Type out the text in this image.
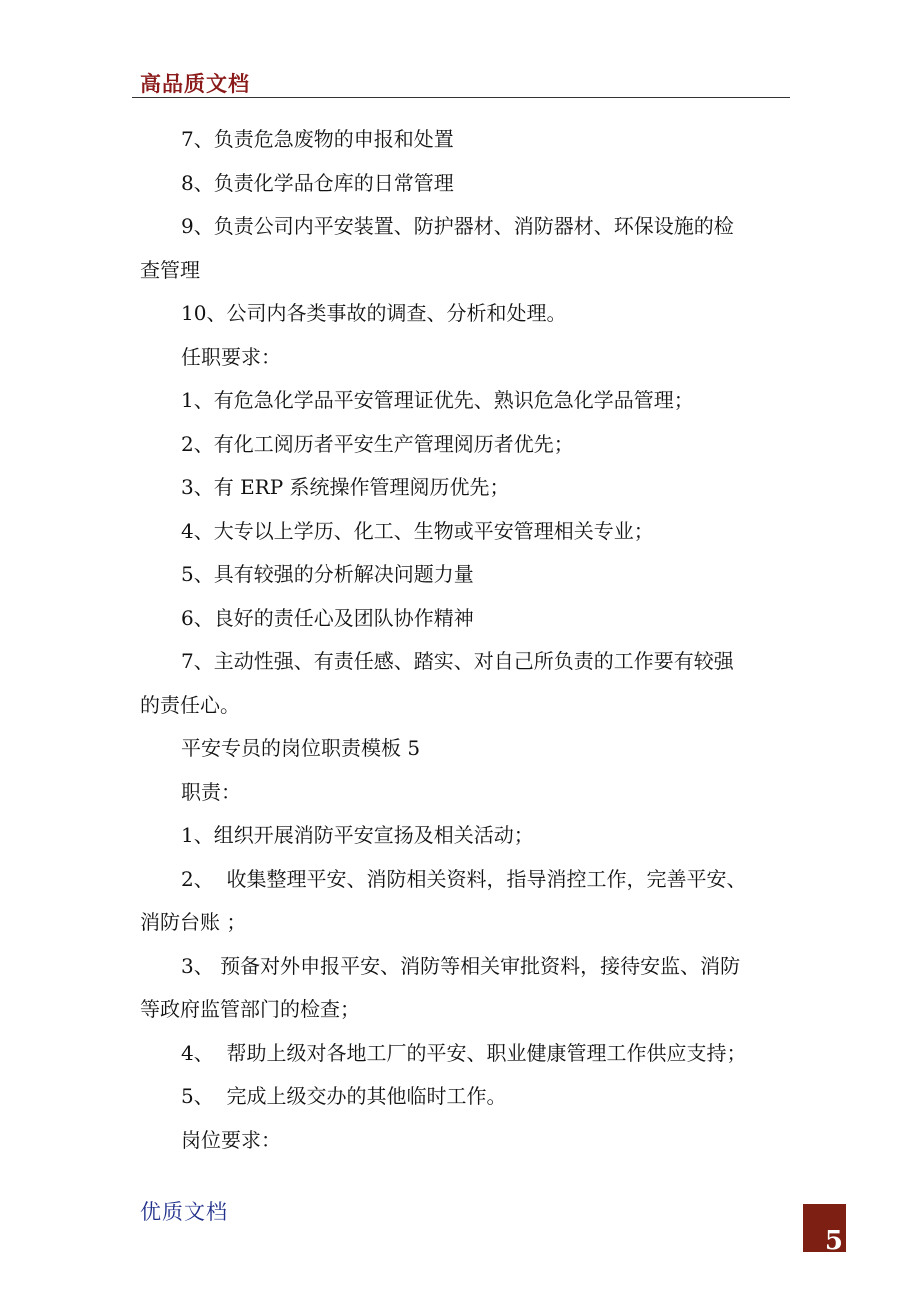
高品质文档

7、负责危急废物的申报和处置

8、负责化学品仓库的日常管理

9、负责公司内平安装置、防护器材、消防器材、环保设施的检

查管理

10、公司内各类事故的调查、分析和处理。

任职要求：

1、有危急化学品平安管理证优先、熟识危急化学品管理；

2、有化工阅历者平安生产管理阅历者优先；

3、有 ERP 系统操作管理阅历优先；

4、大专以上学历、化工、生物或平安管理相关专业；

5、具有较强的分析解决问题力量

6、良好的责任心及团队协作精神

7、主动性强、有责任感、踏实、对自己所负责的工作要有较强

的责任心。

平安专员的岗位职责模板 5

职责：

1、组织开展消防平安宣扬及相关活动；

2、  收集整理平安、消防相关资料，指导消控工作，完善平安、

消防台账 ；

3、 预备对外申报平安、消防等相关审批资料，接待安监、消防

等政府监管部门的检查；

4、  帮助上级对各地工厂的平安、职业健康管理工作供应支持；

5、  完成上级交办的其他临时工作。

岗位要求：

优质文档
5
